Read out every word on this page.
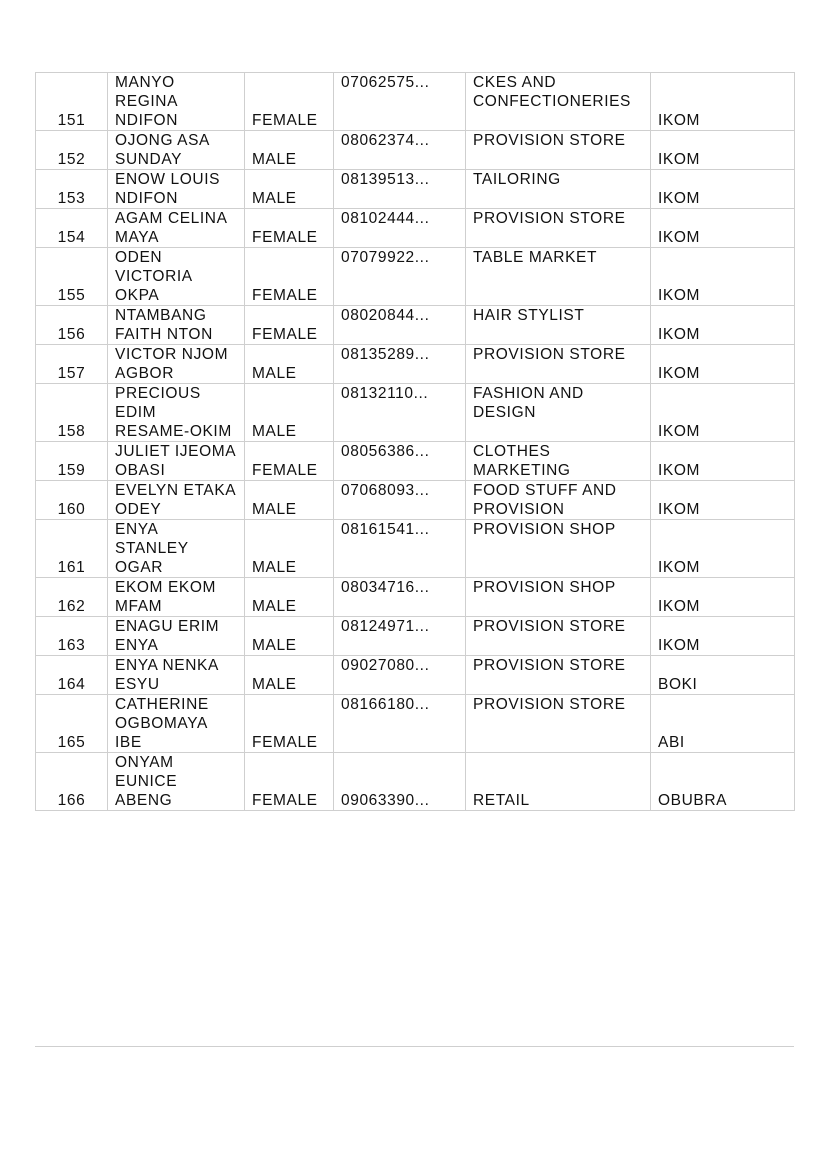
151	MANYO
REGINA
NDIFON	FEMALE	07062575...	CKES AND
CONFECTIONERIES	IKOM

152	OJONG ASA
SUNDAY	MALE	08062374...	PROVISION STORE	IKOM

153	ENOW LOUIS
NDIFON	MALE	08139513...	TAILORING	IKOM

154	AGAM CELINA
MAYA	FEMALE	08102444...	PROVISION STORE	IKOM

155	ODEN
VICTORIA
OKPA	FEMALE	07079922...	TABLE MARKET	IKOM

156	NTAMBANG
FAITH NTON	FEMALE	08020844...	HAIR STYLIST	IKOM

157	VICTOR NJOM
AGBOR	MALE	08135289...	PROVISION STORE	IKOM

158	PRECIOUS
EDIM
RESAME-OKIM	MALE	08132110...	FASHION AND
DESIGN	IKOM

159	JULIET IJEOMA
OBASI	FEMALE	08056386...	CLOTHES
MARKETING	IKOM

160	EVELYN ETAKA
ODEY	MALE	07068093...	FOOD STUFF AND
PROVISION	IKOM

161	ENYA
STANLEY
OGAR	MALE	08161541...	PROVISION SHOP	IKOM

162	EKOM EKOM
MFAM	MALE	08034716...	PROVISION SHOP	IKOM

163	ENAGU ERIM
ENYA	MALE	08124971...	PROVISION STORE	IKOM

164	ENYA NENKA
ESYU	MALE	09027080...	PROVISION STORE	BOKI

165	CATHERINE
OGBOMAYA
IBE	FEMALE	08166180...	PROVISION STORE	ABI

166	ONYAM
EUNICE
ABENG	FEMALE	09063390...	RETAIL	OBUBRA
